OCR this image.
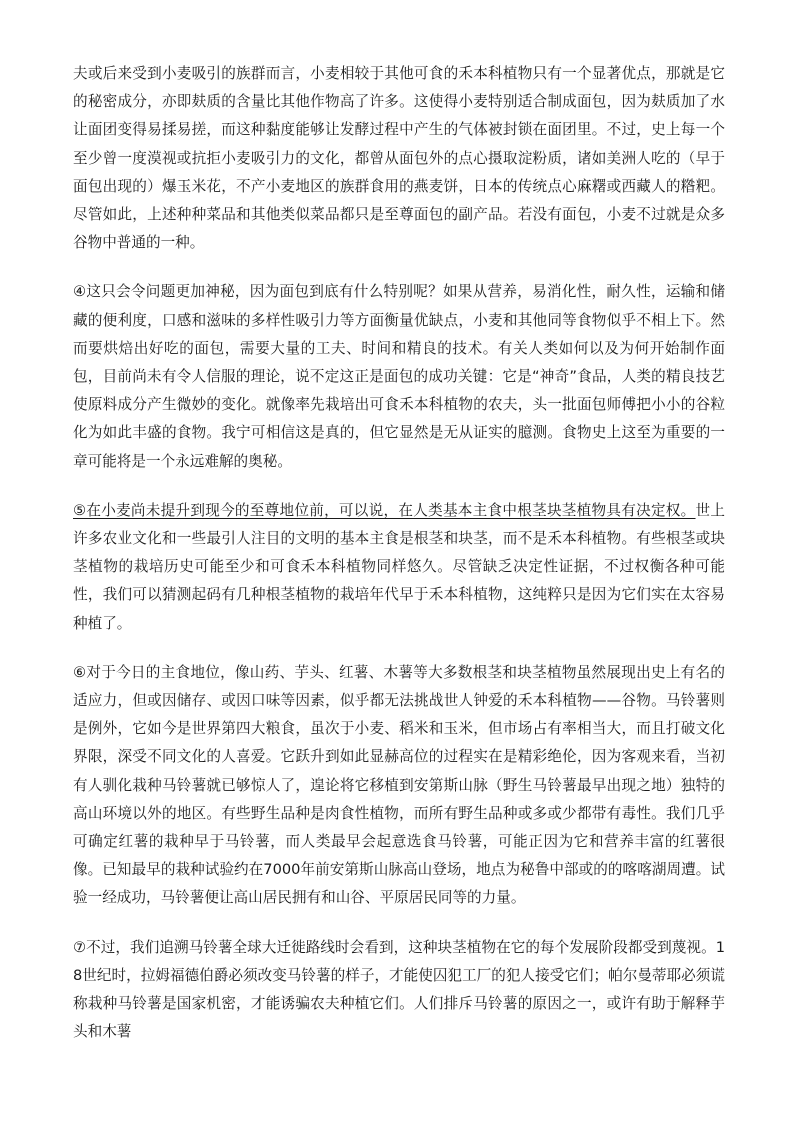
夫或后来受到小麦吸引的族群而言，小麦相较于其他可食的禾本科植物只有一个显著优点，那就是它的秘密成分，亦即麸质的含量比其他作物高了许多。这使得小麦特别适合制成面包，因为麸质加了水让面团变得易揉易搓，而这种黏度能够让发酵过程中产生的气体被封锁在面团里。不过，史上每一个至少曾一度漠视或抗拒小麦吸引力的文化，都曾从面包外的点心摄取淀粉质，诸如美洲人吃的（早于面包出现的）爆玉米花，不产小麦地区的族群食用的燕麦饼，日本的传统点心麻糬或西藏人的糌粑。尽管如此，上述种种菜品和其他类似菜品都只是至尊面包的副产品。若没有面包，小麦不过就是众多谷物中普通的一种。

④这只会令问题更加神秘，因为面包到底有什么特别呢？如果从营养，易消化性，耐久性，运输和储藏的便利度，口感和滋味的多样性吸引力等方面衡量优缺点，小麦和其他同等食物似乎不相上下。然而要烘焙出好吃的面包，需要大量的工夫、时间和精良的技术。有关人类如何以及为何开始制作面包，目前尚未有令人信服的理论，说不定这正是面包的成功关键：它是“神奇”食品，人类的精良技艺使原料成分产生微妙的变化。就像率先栽培出可食禾本科植物的农夫，头一批面包师傅把小小的谷粒化为如此丰盛的食物。我宁可相信这是真的，但它显然是无从证实的臆测。食物史上这至为重要的一章可能将是一个永远难解的奥秘。

⑤在小麦尚未提升到现今的至尊地位前，可以说，在人类基本主食中根茎块茎植物具有决定权。世上许多农业文化和一些最引人注目的文明的基本主食是根茎和块茎，而不是禾本科植物。有些根茎或块茎植物的栽培历史可能至少和可食禾本科植物同样悠久。尽管缺乏决定性证据，不过权衡各种可能性，我们可以猜测起码有几种根茎植物的栽培年代早于禾本科植物，这纯粹只是因为它们实在太容易种植了。

⑥对于今日的主食地位，像山药、芋头、红薯、木薯等大多数根茎和块茎植物虽然展现出史上有名的适应力，但或因储存、或因口味等因素，似乎都无法挑战世人钟爱的禾本科植物——谷物。马铃薯则是例外，它如今是世界第四大粮食，虽次于小麦、稻米和玉米，但市场占有率相当大，而且打破文化界限，深受不同文化的人喜爱。它跃升到如此显赫高位的过程实在是精彩绝伦，因为客观来看，当初有人驯化栽种马铃薯就已够惊人了，遑论将它移植到安第斯山脉（野生马铃薯最早出现之地）独特的高山环境以外的地区。有些野生品种是肉食性植物，而所有野生品种或多或少都带有毒性。我们几乎可确定红薯的栽种早于马铃薯，而人类最早会起意选食马铃薯，可能正因为它和营养丰富的红薯很像。已知最早的栽种试验约在7000年前安第斯山脉高山登场，地点为秘鲁中部或的的喀喀湖周遭。试验一经成功，马铃薯便让高山居民拥有和山谷、平原居民同等的力量。

⑦不过，我们追溯马铃薯全球大迁徙路线时会看到，这种块茎植物在它的每个发展阶段都受到蔑视。18世纪时，拉姆福德伯爵必须改变马铃薯的样子，才能使囚犯工厂的犯人接受它们；帕尔曼蒂耶必须谎称栽种马铃薯是国家机密，才能诱骗农夫种植它们。人们排斥马铃薯的原因之一，或许有助于解释芋头和木薯
